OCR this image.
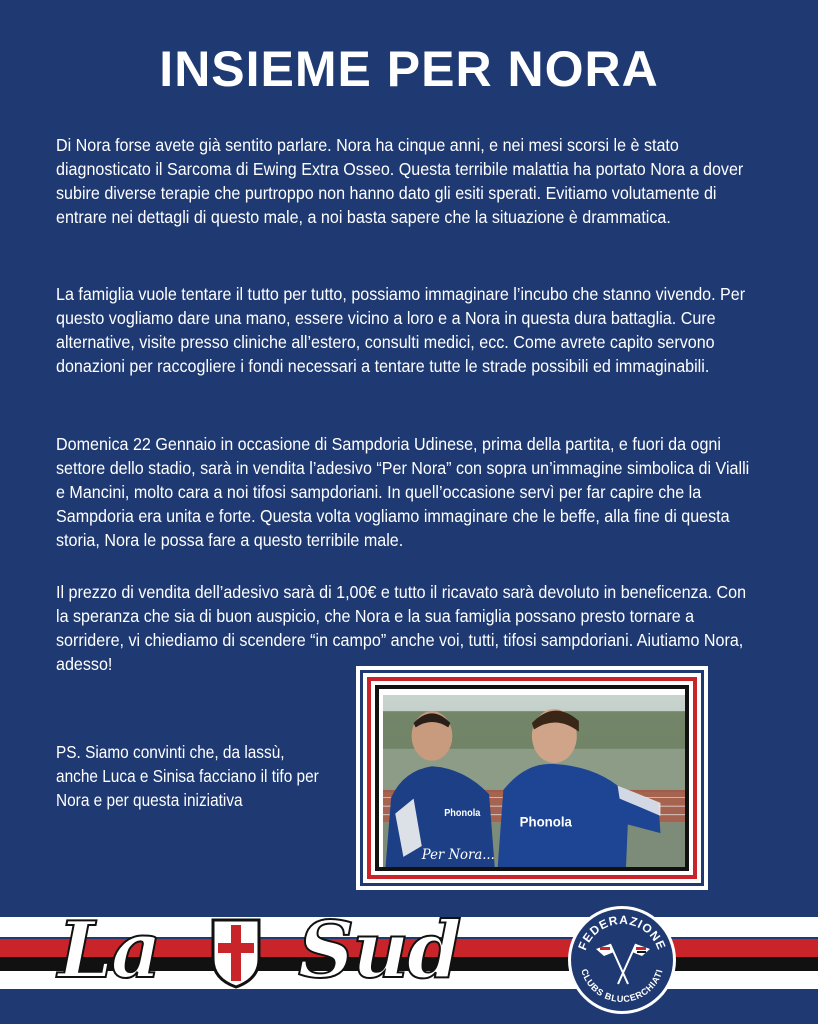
INSIEME PER NORA
Di Nora forse avete già sentito parlare. Nora ha cinque anni, e nei mesi scorsi le è stato diagnosticato il Sarcoma di Ewing Extra Osseo. Questa terribile malattia ha portato Nora a dover subire diverse terapie che purtroppo non hanno dato gli esiti sperati. Evitiamo volutamente di entrare nei dettagli di questo male, a noi basta sapere che la situazione è drammatica.
La famiglia vuole tentare il tutto per tutto, possiamo immaginare l’incubo che stanno vivendo. Per questo vogliamo dare una mano, essere vicino a loro e a Nora in questa dura battaglia. Cure alternative, visite presso cliniche all’estero, consulti medici, ecc. Come avrete capito servono donazioni per raccogliere i fondi necessari a tentare tutte le strade possibili ed immaginabili.
Domenica 22 Gennaio in occasione di Sampdoria Udinese, prima della partita, e fuori da ogni settore dello stadio, sarà in vendita l’adesivo “Per Nora” con sopra un’immagine simbolica di Vialli e Mancini, molto cara a noi tifosi sampdoriani. In quell’occasione servì per far capire che la Sampdoria era unita e forte. Questa volta vogliamo immaginare che le beffe, alla fine di questa storia, Nora le possa fare a questo terribile male.
Il prezzo di vendita dell’adesivo sarà di 1,00€ e tutto il ricavato sarà devoluto in beneficenza. Con la speranza che sia di buon auspicio, che Nora e la sua famiglia possano presto tornare a sorridere, vi chiediamo di scendere “in campo” anche voi, tutti, tifosi sampdoriani. Aiutiamo Nora, adesso!
PS. Siamo convinti che, da lassù, anche Luca e Sinisa facciano il tifo per Nora e per questa iniziativa
Phonola
Phonola
Per Nora...
La Sud	FEDERAZIONE
CLUBS BLUCERCHIATI
